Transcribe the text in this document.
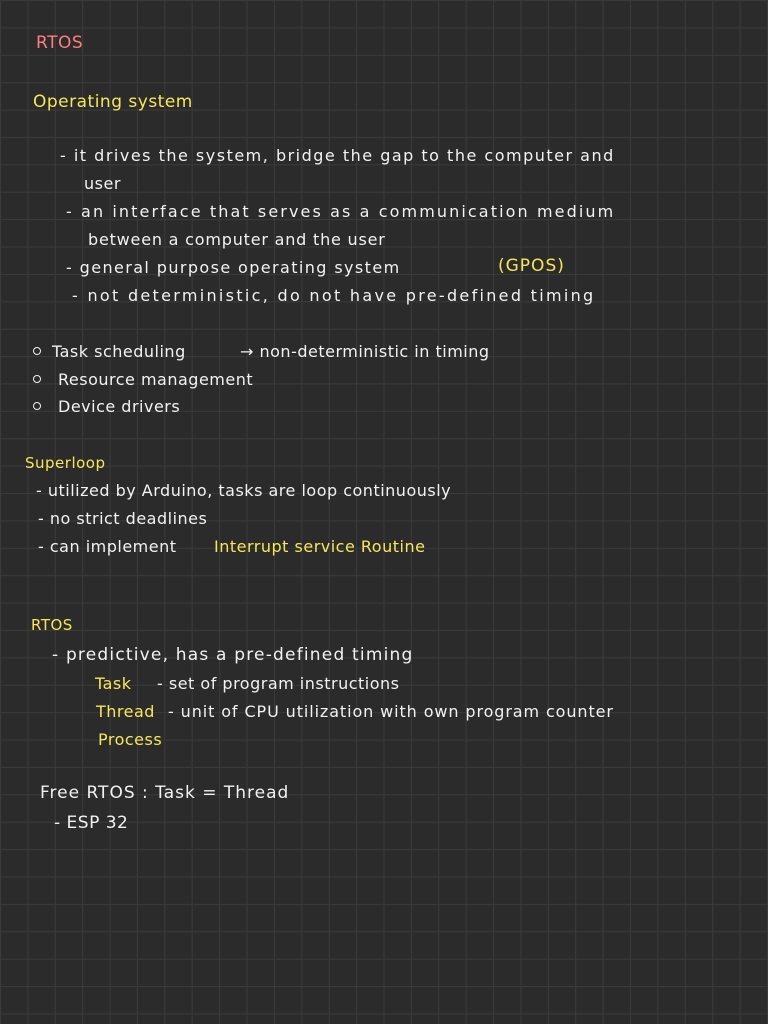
RTOS
Operating system
- it drives the system, bridge the gap to the computer and
user
- an interface that serves as a communication medium
between a computer and the user
- general purpose operating system	(GPOS)
- not deterministic, do not have pre-defined timing
Task scheduling	→ non-deterministic in timing
Resource management
Device drivers
Superloop
- utilized by Arduino, tasks are loop continuously
- no strict deadlines
- can implement Interrupt service Routine
RTOS
- predictive, has a pre-defined timing
Task - set of program instructions
Thread - unit of CPU utilization with own program counter
Process
Free RTOS : Task = Thread
- ESP 32
